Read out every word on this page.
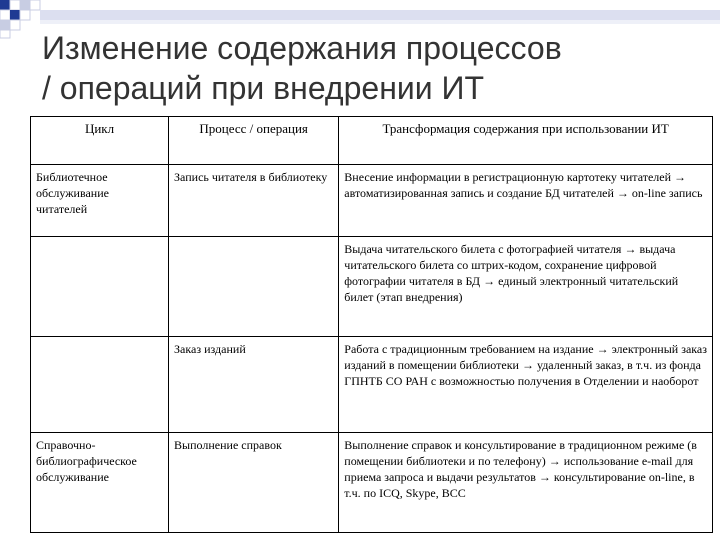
Изменение содержания процессов
/ операций при внедрении ИТ
Цикл	Процесс / операция	Трансформация содержания при использовании ИТ
Библиотечное обслуживание читателей	Запись читателя в библиотеку	Внесение информации в регистрационную картотеку читателей → автоматизированная запись и создание БД читателей → on-line запись
		Выдача читательского билета с фотографией читателя → выдача читательского билета со штрих-кодом, сохранение цифровой фотографии читателя в БД → единый электронный читательский билет (этап внедрения)
	Заказ изданий	Работа с традиционным требованием на издание → электронный заказ изданий в помещении библиотеки → удаленный заказ, в т.ч. из фонда ГПНТБ СО РАН с возможностью получения в Отделении и наоборот
Справочно-библиографическое обслуживание	Выполнение справок	Выполнение справок и консультирование в традиционном режиме (в помещении библиотеки и по телефону) → использование e-mail для приема запроса и выдачи результатов → консультирование on-line, в т.ч. по ICQ, Skype, ВСС
